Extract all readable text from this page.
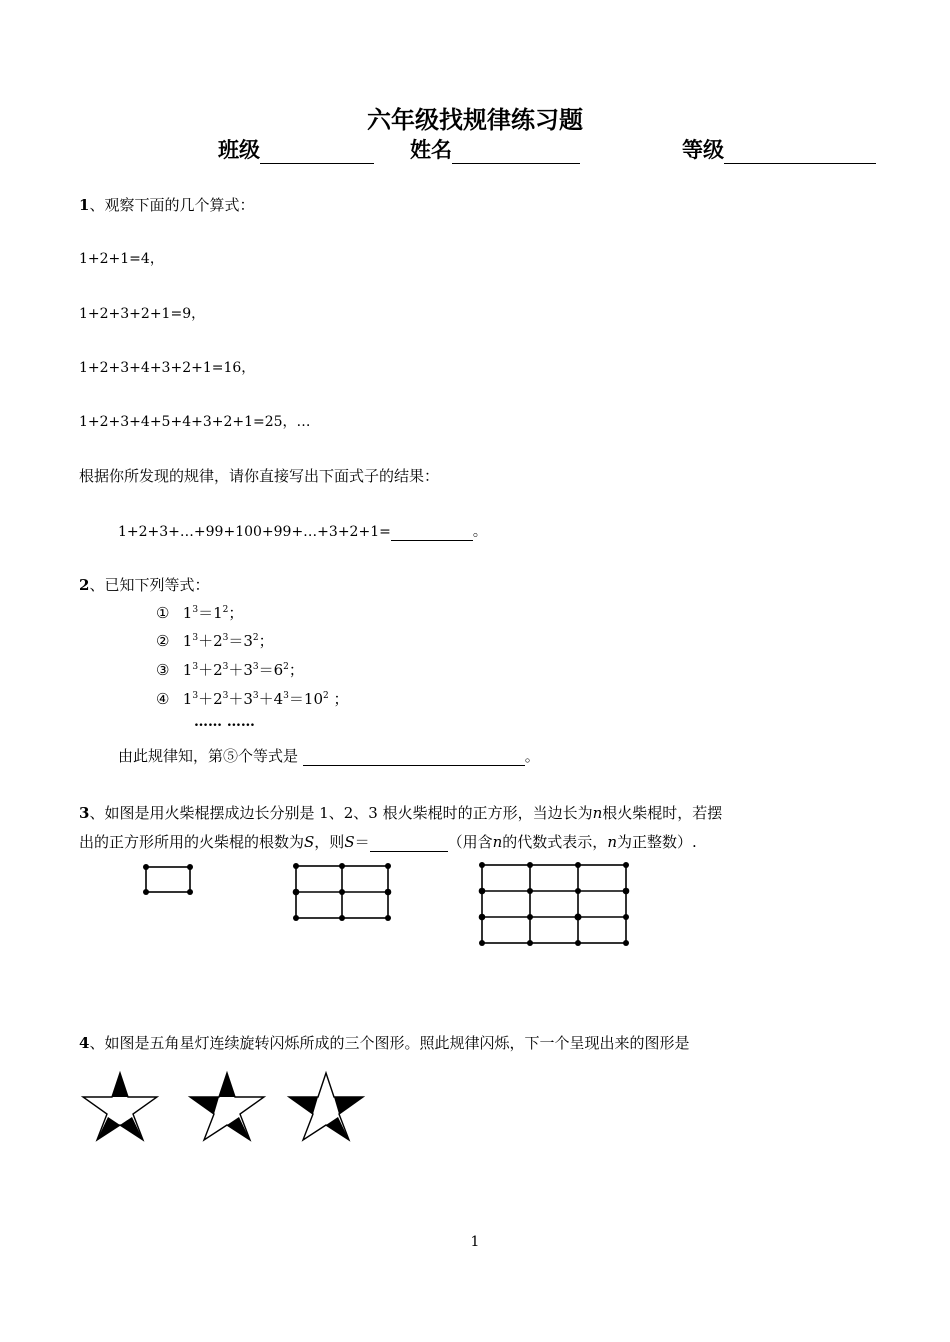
六年级找规律练习题
班级	姓名	等级
1、观察下面的几个算式：
1+2+1=4，
1+2+3+2+1=9，
1+2+3+4+3+2+1=16，
1+2+3+4+5+4+3+2+1=25，…
根据你所发现的规律，请你直接写出下面式子的结果：
1+2+3+…+99+100+99+…+3+2+1=	。
2、已知下列等式：
① $1^3=1^2$；
② $1^3+2^3=3^2$；
③ $1^3+2^3+3^3=6^2$；
④ $1^3+2^3+3^3+4^3=10^2$ ；
…… ……
由此规律知，第⑤个等式是	。
3、如图是用火柴棍摆成边长分别是 1、2、3 根火柴棍时的正方形，当边长为n根火柴棍时，若摆
出的正方形所用的火柴棍的根数为S，则S＝	（用含n的代数式表示，n为正整数）.
4、如图是五角星灯连续旋转闪烁所成的三个图形。照此规律闪烁，下一个呈现出来的图形是
1
